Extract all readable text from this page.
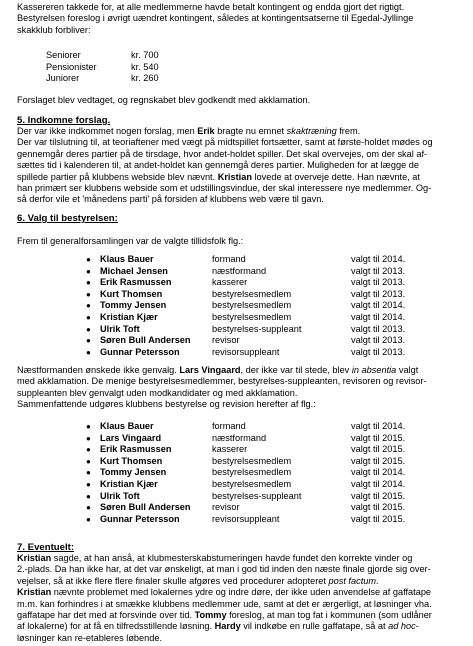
Kassereren takkede for, at alle medlemmerne havde betalt kontingent og endda gjort det rigtigt.
Bestyrelsen foreslog i øvrigt uændret kontingent, således at kontingentsatserne til Egedal-Jyllinge
skakklub forbliver:
Seniorer	kr. 700
Pensionister	kr. 540
Juniorer	kr. 260
Forslaget blev vedtaget, og regnskabet blev godkendt med akklamation.
5. Indkomne forslag.
Der var ikke indkommet nogen forslag, men Erik bragte nu emnet skaktræning frem.
Der var tilslutning til, at teoriaftener med vægt på midtspillet fortsætter, samt at første-holdet mødes og
gennemgår deres partier på de tirsdage, hvor andet-holdet spiller. Det skal overvejes, om der skal af-
sættes tid i kalenderen til, at andet-holdet kan gennemgå deres partier. Muligheden for at lægge de
spillede partier på klubbens webside blev nævnt. Kristian lovede at overveje dette. Han nævnte, at
han primært ser klubbens webside som et udstillingsvindue, der skal interessere nye medlemmer. Og-
så derfor vile et 'månedens parti' på forsiden af klubbens web være til gavn.
6. Valg til bestyrelsen:
Frem til generalforsamlingen var de valgte tillidsfolk flg.:
● Klaus Bauer	formand	valgt til 2014.
● Michael Jensen	næstformand	valgt til 2013.
● Erik Rasmussen	kasserer	valgt til 2013.
● Kurt Thomsen	bestyrelsesmedlem	valgt til 2013.
● Tommy Jensen	bestyrelsesmedlem	valgt til 2014.
● Kristian Kjær	bestyrelsesmedlem	valgt til 2014.
● Ulrik Toft	bestyrelses-suppleant	valgt til 2013.
● Søren Bull Andersen	revisor	valgt til 2013.
● Gunnar Petersson	revisorsuppleant	valgt til 2013.
Næstformanden ønskede ikke genvalg. Lars Vingaard, der ikke var til stede, blev in absentia valgt
med akklamation. De menige bestyrelsesmedlemmer, bestyrelses-suppleanten, revisoren og revisor-
suppleanten blev genvalgt uden modkandidater og med akklamation.
Sammenfattende udgøres klubbens bestyrelse og revision herefter af flg.:
● Klaus Bauer	formand	valgt til 2014.
● Lars Vingaard	næstformand	valgt til 2015.
● Erik Rasmussen	kasserer	valgt til 2015.
● Kurt Thomsen	bestyrelsesmedlem	valgt til 2015.
● Tommy Jensen	bestyrelsesmedlem	valgt til 2014.
● Kristian Kjær	bestyrelsesmedlem	valgt til 2014.
● Ulrik Toft	bestyrelses-suppleant	valgt til 2015.
● Søren Bull Andersen	revisor	valgt til 2015.
● Gunnar Petersson	revisorsuppleant	valgt til 2015.
7. Eventuelt:
Kristian sagde, at han anså, at klubmesterskabsturneringen havde fundet den korrekte vinder og
2.-plads. Da han ikke har, at det var ønskeligt, at man i god tid inden den næste finale gjorde sig over-
vejelser, så at ikke flere flere finaler skulle afgøres ved procedurer adopteret post factum.
Kristian nævnte problemet med lokalernes ydre og indre døre, der ikke uden anvendelse af gaffatape
m.m. kan forhindres i at smække klubbens medlemmer ude, samt at det er ærgerligt, at løsninger vha.
gaffatape har det med at forsvinde over tid. Tommy foreslog, at man tog fat i kommunen (som udlåner
af lokalerne) for at få en tilfredsstillende løsning. Hardy vil indkøbe en rulle gaffatape, så at ad hoc-
løsninger kan re-etableres løbende.
